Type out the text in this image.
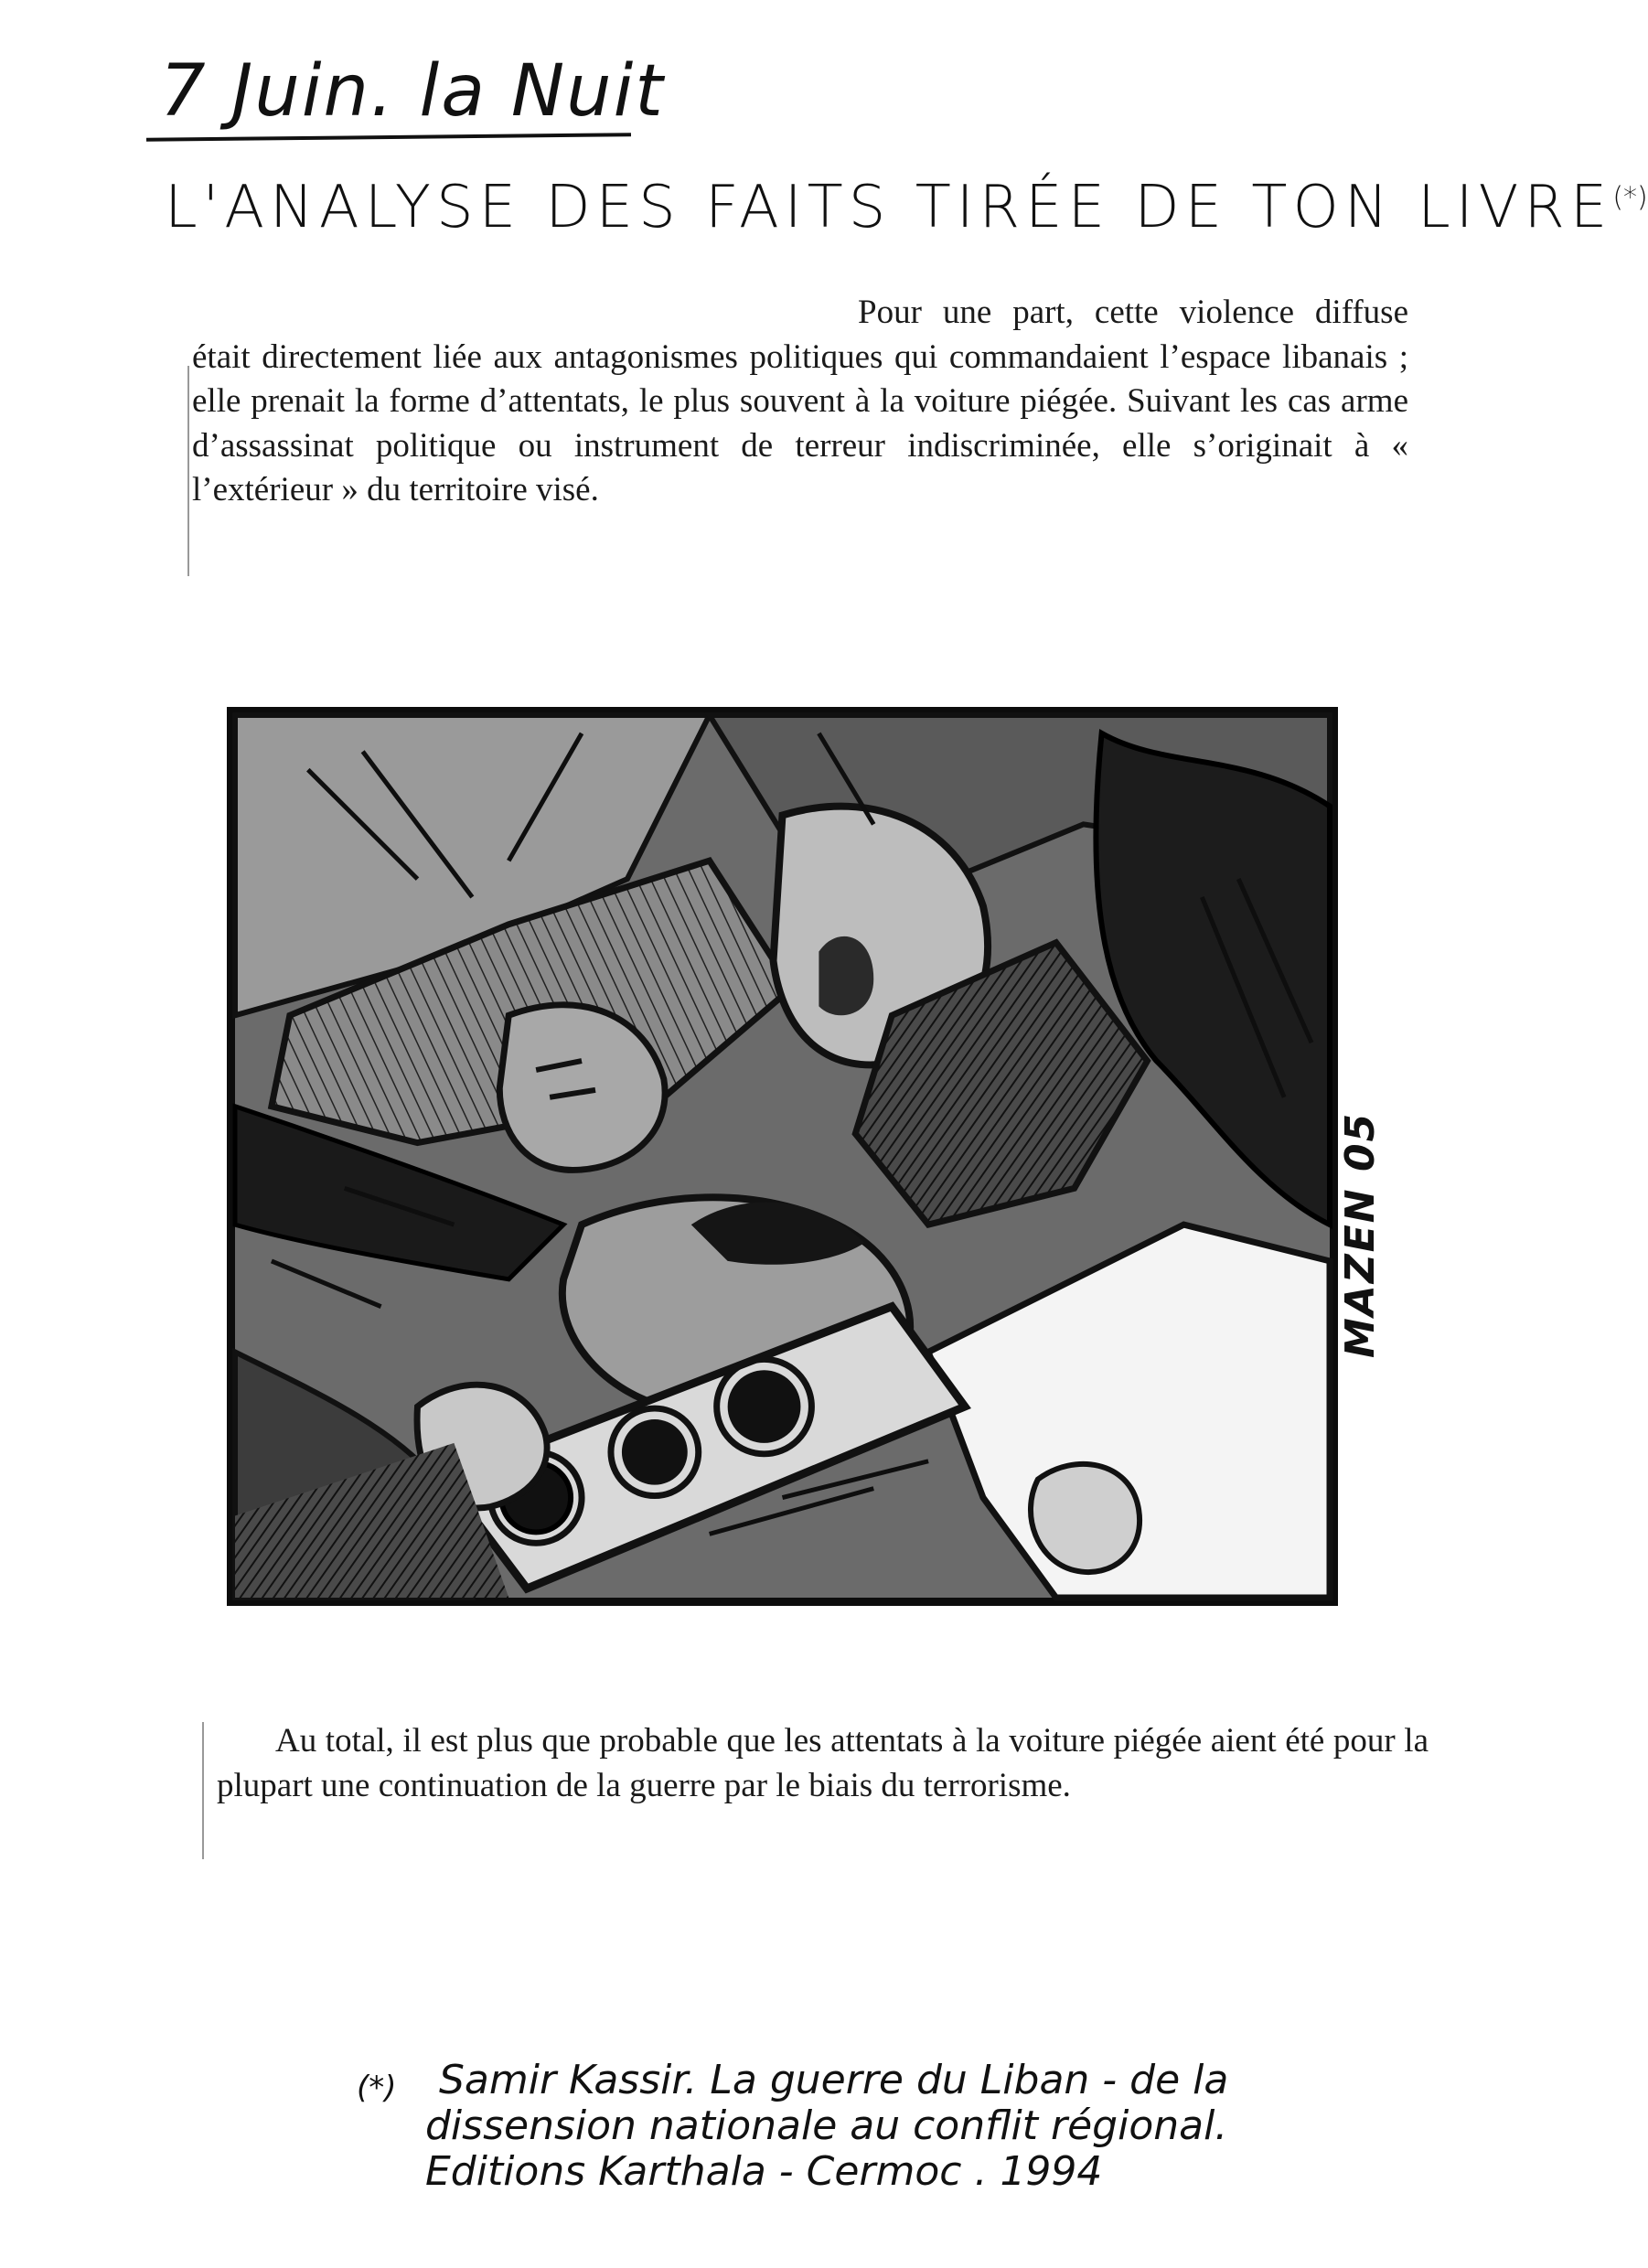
7 Juin. la Nuit
L'ANALYSE DES FAITS TIRÉE DE TON LIVRE(*)

Pour une part, cette violence diffuse était directement liée aux antagonismes politiques qui commandaient l’espace libanais ; elle prenait la forme d’attentats, le plus souvent à la voiture piégée. Suivant les cas arme d’assassinat politique ou instrument de terreur indiscriminée, elle s’originait à « l’extérieur » du territoire visé.

MAZEN 05

Au total, il est plus que probable que les attentats à la voiture piégée aient été pour la plupart une continuation de la guerre par le biais du terrorisme.

(*) Samir Kassir. La guerre du Liban - de la
dissension nationale au conflit régional.
Editions Karthala - Cermoc . 1994
